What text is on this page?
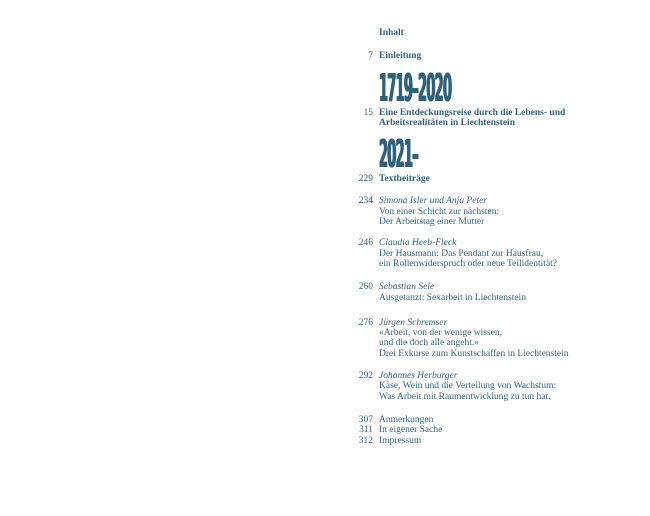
Inhalt
7 Einleitung
1719–2020
15 Eine Entdeckungsreise durch die Lebens- und
Arbeitsrealitäten in Liechtenstein
2021–
229 Textbeiträge
234 Simona Isler und Anja Peter
Von einer Schicht zur nächsten:
Der Arbeitstag einer Mutter
246 Claudia Heeb-Fleck
Der Hausmann: Das Pendant zur Hausfrau,
ein Rollenwiderspruch oder neue Teilidentität?
260 Sebastian Sele
Ausgetanzt: Sexarbeit in Liechtenstein
276 Jürgen Schremser
«Arbeit, von der wenige wissen,
und die doch alle angeht.»
Drei Exkurse zum Kunstschaffen in Liechtenstein
292 Johannes Herburger
Käse, Wein und die Verteilung von Wachstum:
Was Arbeit mit Raumentwicklung zu tun hat.
307 Anmerkungen
311 In eigener Sache
312 Impressum
